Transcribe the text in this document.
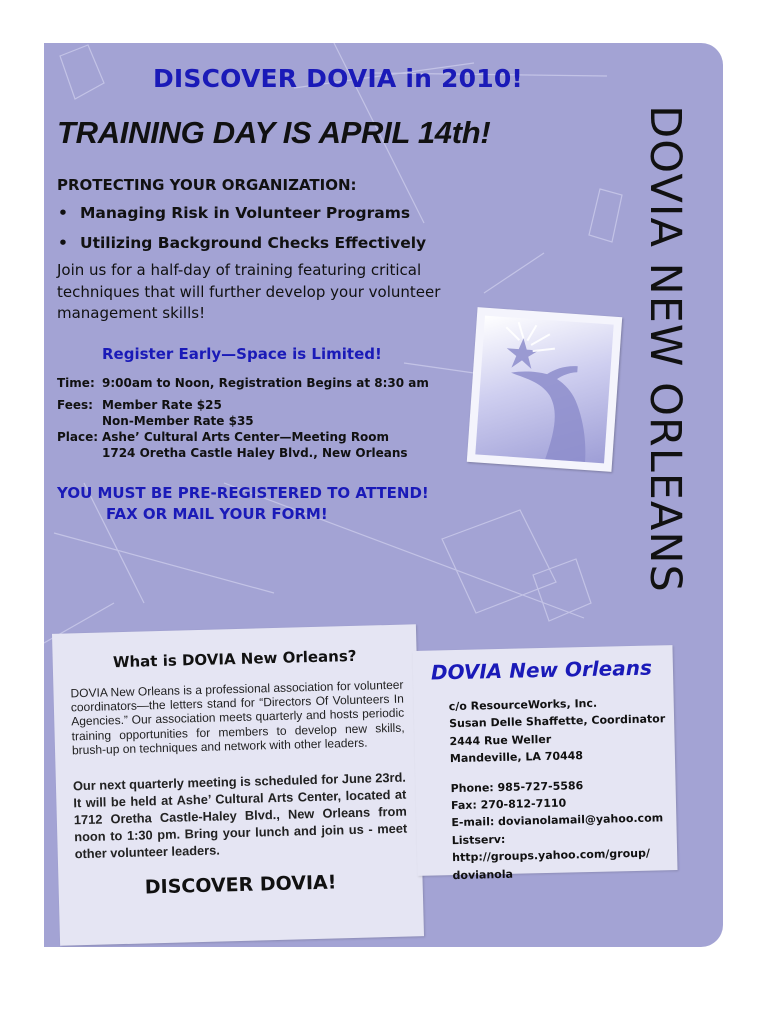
DISCOVER DOVIA in 2010!
TRAINING DAY IS APRIL 14th!
PROTECTING YOUR ORGANIZATION:
• Managing Risk in Volunteer Programs
• Utilizing Background Checks Effectively

Join us for a half-day of training featuring critical techniques that will further develop your volunteer management skills!

Register Early—Space is Limited!
Time: 9:00am to Noon, Registration Begins at 8:30 am
Fees: Member Rate $25
Non-Member Rate $35
Place: Ashe’ Cultural Arts Center—Meeting Room
1724 Oretha Castle Haley Blvd., New Orleans
YOU MUST BE PRE-REGISTERED TO ATTEND!
FAX OR MAIL YOUR FORM!	DOVIA NEW ORLEANS
What is DOVIA New Orleans?
DOVIA New Orleans is a professional association for volunteer coordinators—the letters stand for “Directors Of Volunteers In Agencies.” Our association meets quarterly and hosts periodic training opportunities for members to develop new skills, brush-up on techniques and network with other leaders.
Our next quarterly meeting is scheduled for June 23rd. It will be held at Ashe’ Cultural Arts Center, located at 1712 Oretha Castle-Haley Blvd., New Orleans from noon to 1:30 pm. Bring your lunch and join us - meet other volunteer leaders.
DISCOVER DOVIA!
DOVIA New Orleans
c/o ResourceWorks, Inc.
Susan Delle Shaffette, Coordinator
2444 Rue Weller
Mandeville, LA 70448
Phone: 985-727-5586
Fax: 270-812-7110
E-mail: dovianolamail@yahoo.com
Listserv:
http://groups.yahoo.com/group/
dovianola
